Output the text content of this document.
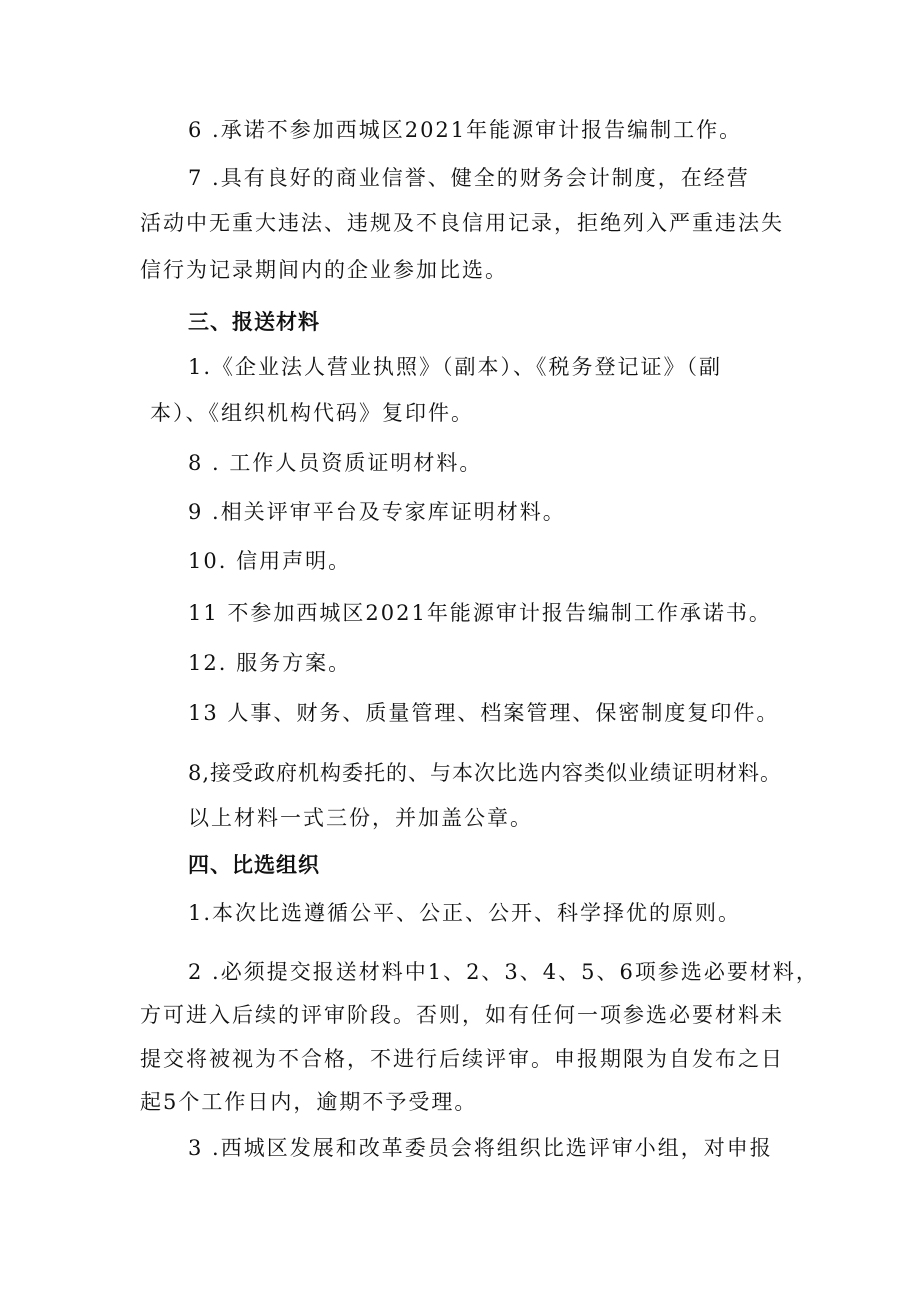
6 .承诺不参加西城区2021年能源审计报告编制工作。
7 .具有良好的商业信誉、健全的财务会计制度，在经营
活动中无重大违法、违规及不良信用记录，拒绝列入严重违法失
信行为记录期间内的企业参加比选。
三、报送材料
1.《企业法人营业执照》（副本）、《税务登记证》（副
本）、《组织机构代码》复印件。
8 . 工作人员资质证明材料。
9 .相关评审平台及专家库证明材料。
10. 信用声明。
11 不参加西城区2021年能源审计报告编制工作承诺书。
12. 服务方案。
13 人事、财务、质量管理、档案管理、保密制度复印件。
8,接受政府机构委托的、与本次比选内容类似业绩证明材料。
以上材料一式三份，并加盖公章。
四、比选组织
1.本次比选遵循公平、公正、公开、科学择优的原则。
2 .必须提交报送材料中1、2、3、4、5、6项参选必要材料，
方可进入后续的评审阶段。否则，如有任何一项参选必要材料未
提交将被视为不合格，不进行后续评审。申报期限为自发布之日
起5个工作日内，逾期不予受理。
3 .西城区发展和改革委员会将组织比选评审小组，对申报
